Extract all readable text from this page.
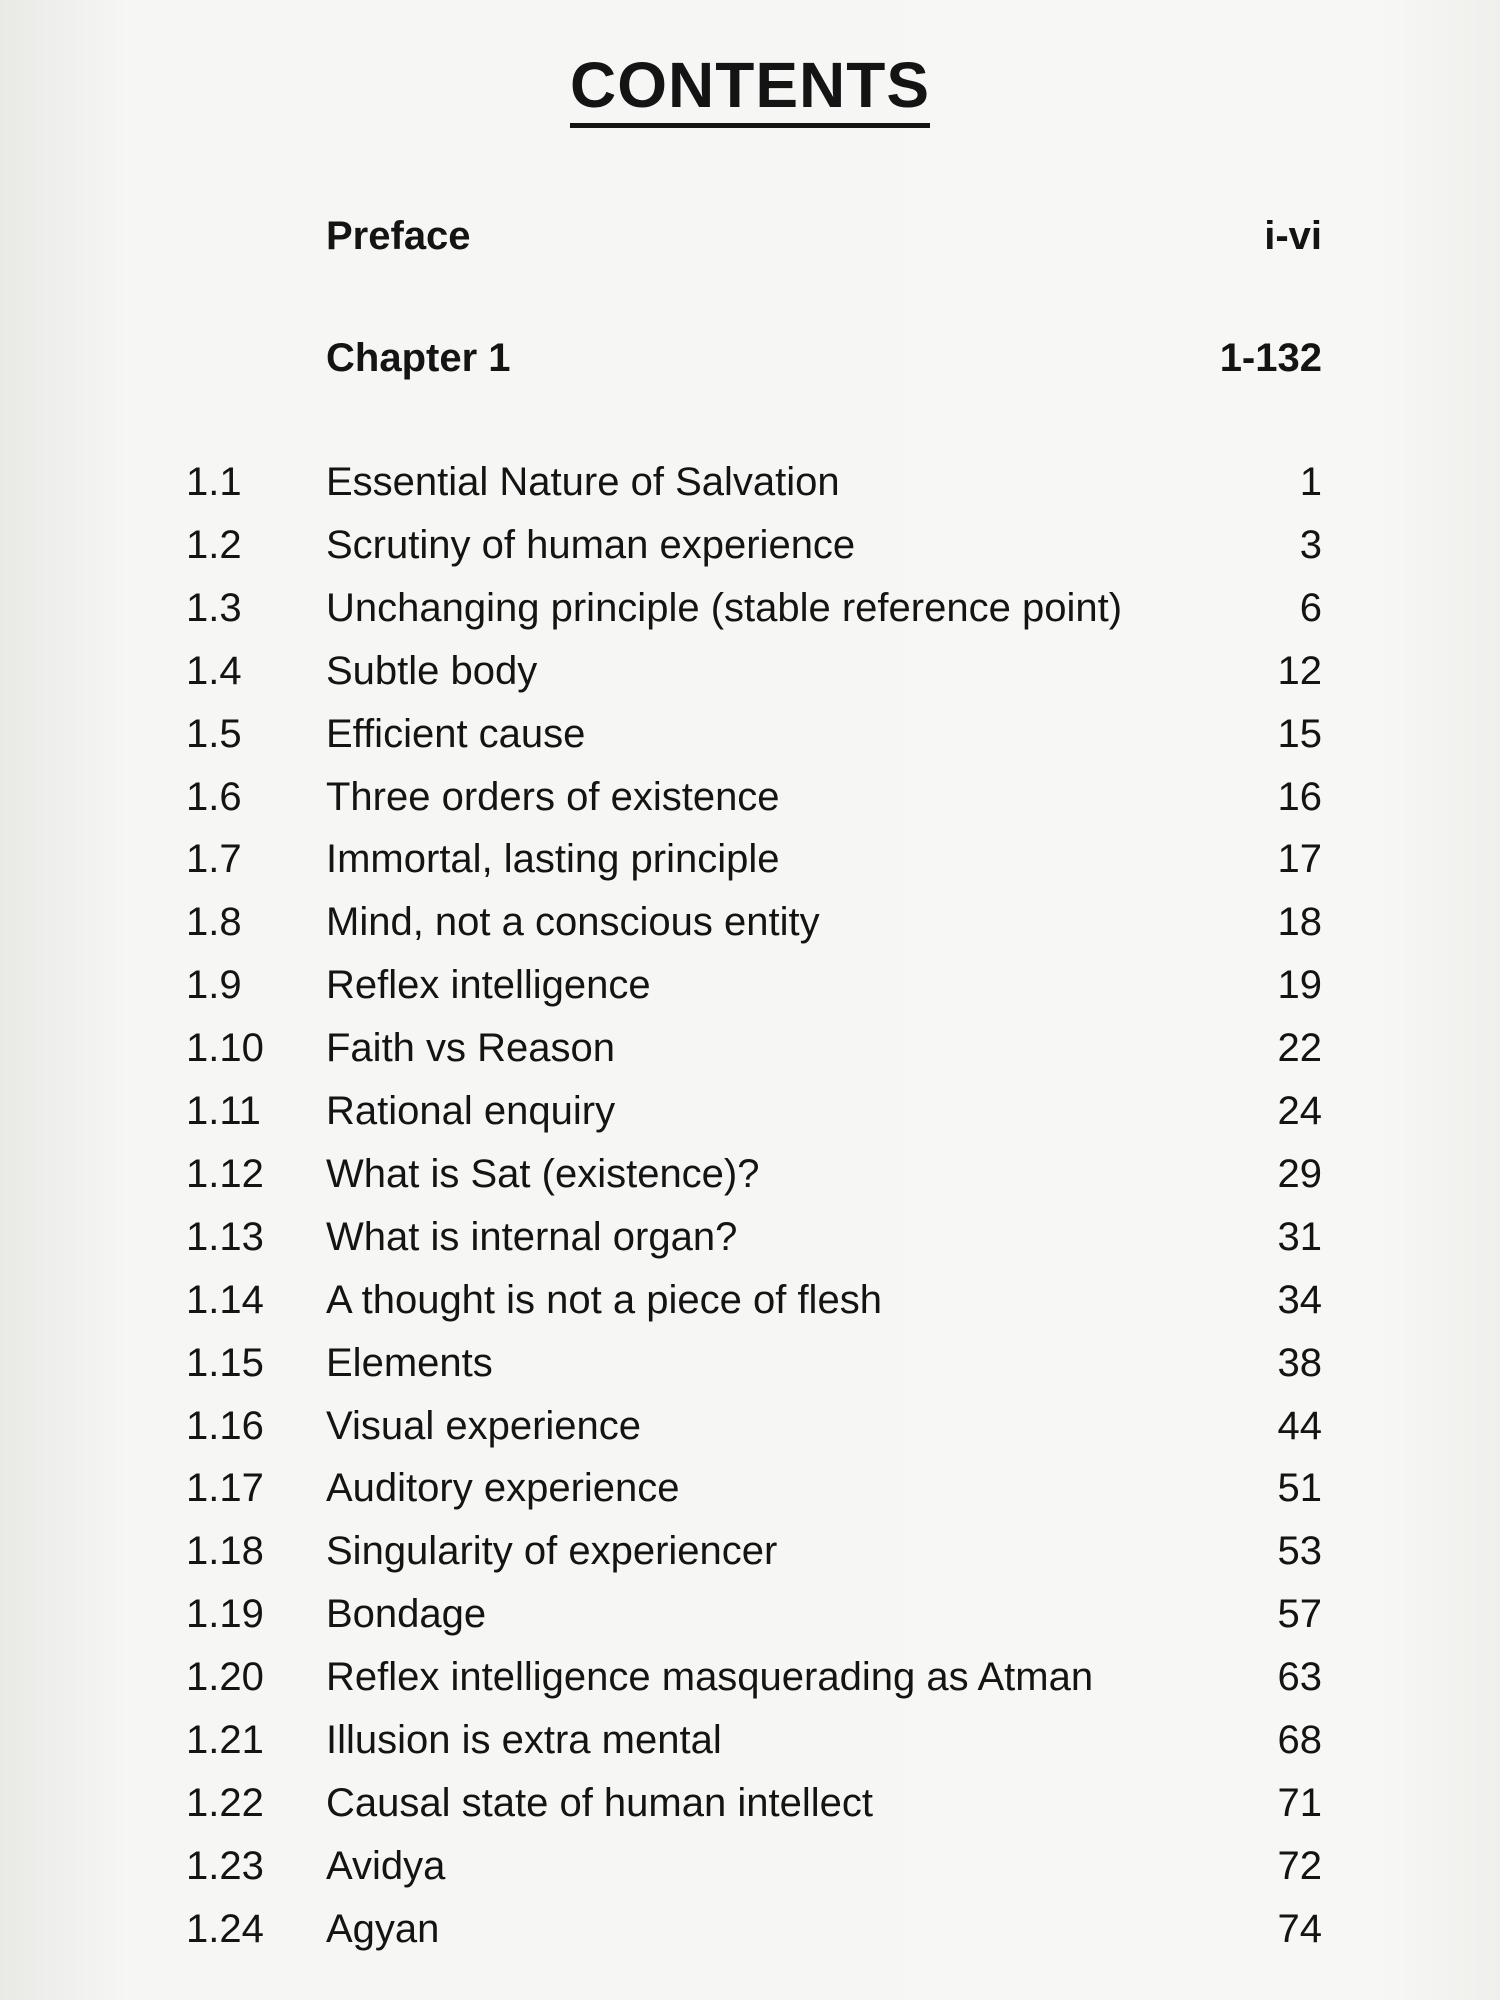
CONTENTS
Preface	i-vi
Chapter 1	1-132
1.1 Essential Nature of Salvation	1
1.2 Scrutiny of human experience	3
1.3 Unchanging principle (stable reference point)	6
1.4 Subtle body	12
1.5 Efficient cause	15
1.6 Three orders of existence	16
1.7 Immortal, lasting principle	17
1.8 Mind, not a conscious entity	18
1.9 Reflex intelligence	19
1.10 Faith vs Reason	22
1.11 Rational enquiry	24
1.12 What is Sat (existence)?	29
1.13 What is internal organ?	31
1.14 A thought is not a piece of flesh	34
1.15 Elements	38
1.16 Visual experience	44
1.17 Auditory experience	51
1.18 Singularity of experiencer	53
1.19 Bondage	57
1.20 Reflex intelligence masquerading as Atman	63
1.21 Illusion is extra mental	68
1.22 Causal state of human intellect	71
1.23 Avidya	72
1.24 Agyan	74
